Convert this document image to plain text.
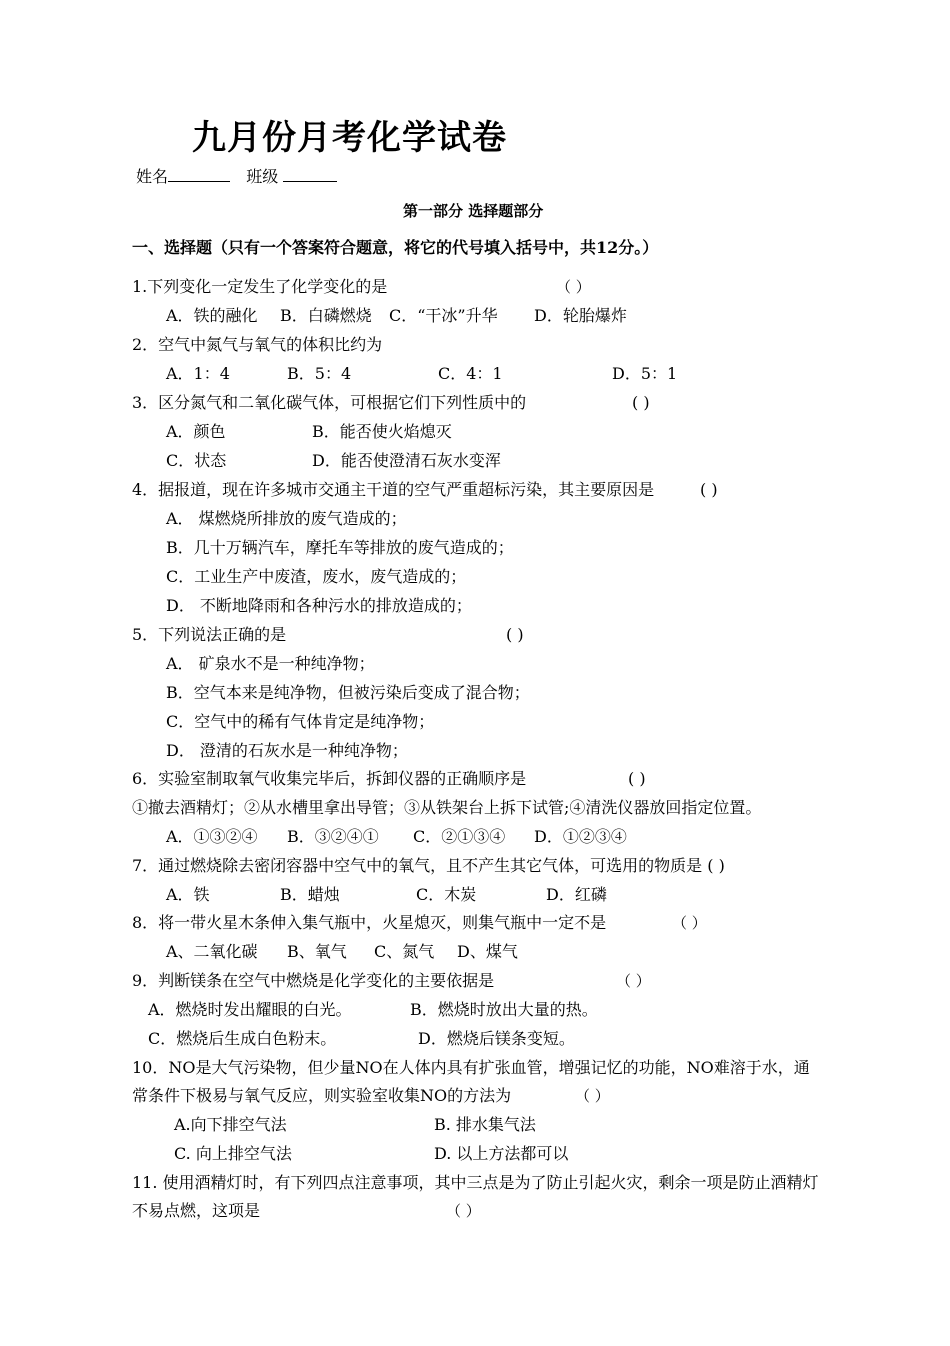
九月份月考化学试卷
姓名	班级
第一部分 选择题部分
一、选择题（只有一个答案符合题意，将它的代号填入括号中，共12分。）
1.下列变化一定发生了化学变化的是	（ ）
A．铁的融化 B．白磷燃烧 C．“干冰”升华 D．轮胎爆炸
2．空气中氮气与氧气的体积比约为
A．1：4	B．5：4	C．4：1	D．5：1
3．区分氮气和二氧化碳气体，可根据它们下列性质中的	( )
A．颜色	B．能否使火焰熄灭
C．状态	D．能否使澄清石灰水变浑
4．据报道，现在许多城市交通主干道的空气严重超标污染，其主要原因是	( )
A． 煤燃烧所排放的废气造成的；
B．几十万辆汽车，摩托车等排放的废气造成的；
C．工业生产中废渣，废水，废气造成的；
D． 不断地降雨和各种污水的排放造成的；
5．下列说法正确的是	( )
A． 矿泉水不是一种纯净物；
B．空气本来是纯净物，但被污染后变成了混合物；
C．空气中的稀有气体肯定是纯净物；
D． 澄清的石灰水是一种纯净物；
6．实验室制取氧气收集完毕后，拆卸仪器的正确顺序是	( )
①撤去酒精灯；②从水槽里拿出导管；③从铁架台上拆下试管;④清洗仪器放回指定位置。
A．①③②④ B．③②④① C．②①③④ D．①②③④
7．通过燃烧除去密闭容器中空气中的氧气，且不产生其它气体，可选用的物质是 ( )
A．铁	B．蜡烛	C．木炭	D．红磷
8．将一带火星木条伸入集气瓶中，火星熄灭，则集气瓶中一定不是	（ ）
A、二氧化碳 B、氧气 C、氮气 D、煤气
9．判断镁条在空气中燃烧是化学变化的主要依据是	（ ）
A．燃烧时发出耀眼的白光。	B．燃烧时放出大量的热。
C．燃烧后生成白色粉末。	D．燃烧后镁条变短。
10．NO是大气污染物，但少量NO在人体内具有扩张血管，增强记忆的功能，NO难溶于水，通
常条件下极易与氧气反应，则实验室收集NO的方法为	（ ）
A.向下排空气法	B. 排水集气法
C. 向上排空气法	D. 以上方法都可以
11. 使用酒精灯时，有下列四点注意事项，其中三点是为了防止引起火灾，剩余一项是防止酒精灯
不易点燃，这项是	（ ）
